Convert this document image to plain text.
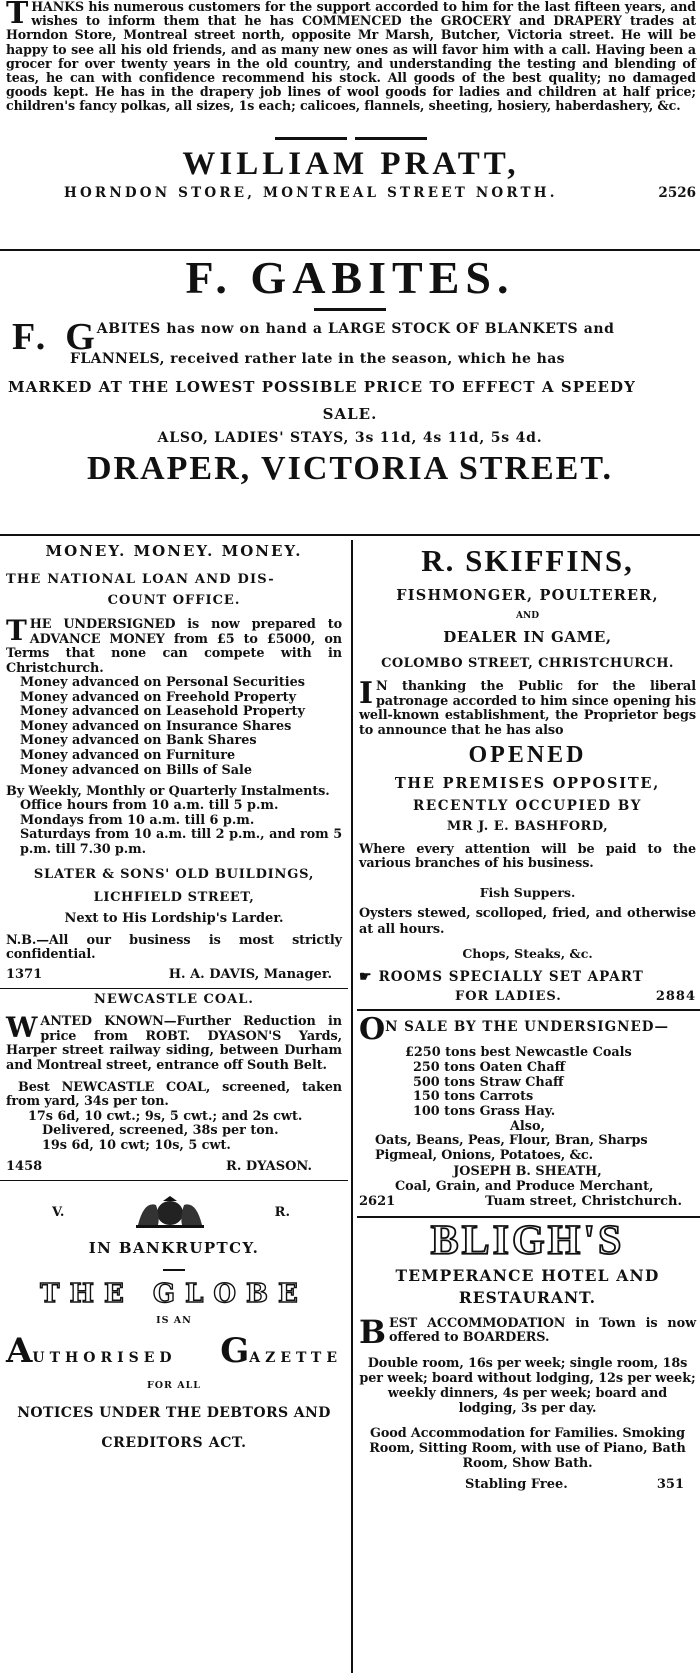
THANKS his numerous customers for the support accorded to him for the last fifteen years, and wishes to inform them that he has COMMENCED the GROCERY and DRAPERY trades at Horndon Store, Montreal street north, opposite Mr Marsh, Butcher, Victoria street. He will be happy to see all his old friends, and as many new ones as will favor him with a call. Having been a grocer for over twenty years in the old country, and understanding the testing and blending of teas, he can with confidence recommend his stock. All goods of the best quality; no damaged goods kept. He has in the drapery job lines of wool goods for ladies and children at half price; children's fancy polkas, all sizes, 1s each; calicoes, flannels, sheeting, hosiery, haberdashery, &c.

WILLIAM PRATT,
HORNDON STORE, MONTREAL STREET NORTH.	2526
F. GABITES.
F. G ABITES has now on hand a LARGE STOCK OF BLANKETS and
FLANNELS, received rather late in the season, which he has
MARKED AT THE LOWEST POSSIBLE PRICE TO EFFECT A SPEEDY
SALE.
ALSO, LADIES' STAYS, 3s 11d, 4s 11d, 5s 4d.
DRAPER, VICTORIA STREET.
MONEY. MONEY. MONEY.
THE NATIONAL LOAN AND DIS-
COUNT OFFICE.

THE UNDERSIGNED is now prepared to ADVANCE MONEY from £5 to £5000, on Terms that none can compete with in Christchurch.

Money advanced on Personal Securities
Money advanced on Freehold Property
Money advanced on Leasehold Property
Money advanced on Insurance Shares
Money advanced on Bank Shares
Money advanced on Furniture
Money advanced on Bills of Sale

By Weekly, Monthly or Quarterly Instalments.

Office hours from 10 a.m. till 5 p.m.
Mondays from 10 a.m. till 6 p.m.

Saturdays from 10 a.m. till 2 p.m., and rom 5 p.m. till 7.30 p.m.

SLATER & SONS' OLD BUILDINGS,
LICHFIELD STREET,
Next to His Lordship's Larder.

N.B.—All our business is most strictly confidential.

1371	H. A. DAVIS, Manager.
NEWCASTLE COAL.

WANTED KNOWN—Further Reduction in price from ROBT. DYASON'S Yards, Harper street railway siding, between Durham and Montreal street, entrance off South Belt.

Best NEWCASTLE COAL, screened, taken from yard, 34s per ton.

17s 6d, 10 cwt.; 9s, 5 cwt.; and 2s cwt.
Delivered, screened, 38s per ton.
19s 6d, 10 cwt; 10s, 5 cwt.
1458	R. DYASON.
V.	R.
IN BANKRUPTCY.
THE GLOBE
IS AN
AUTHORISED GAZETTE
FOR ALL
NOTICES UNDER THE DEBTORS AND
CREDITORS ACT.
R. SKIFFINS,
FISHMONGER, POULTERER,
AND
DEALER IN GAME,
COLOMBO STREET, CHRISTCHURCH.

I N thanking the Public for the liberal patronage accorded to him since opening his well-known establishment, the Proprietor begs to announce that he has also

OPENED
THE PREMISES OPPOSITE,
RECENTLY OCCUPIED BY
MR J. E. BASHFORD,

Where every attention will be paid to the various branches of his business.

Fish Suppers.

Oysters stewed, scolloped, fried, and otherwise at all hours.

Chops, Steaks, &c.
☛ ROOMS SPECIALLY SET APART
FOR LADIES.	2884
O N SALE BY THE UNDERSIGNED—
£250 tons best Newcastle Coals
250 tons Oaten Chaff
500 tons Straw Chaff
150 tons Carrots
100 tons Grass Hay.
Also,

Oats, Beans, Peas, Flour, Bran, Sharps Pigmeal, Onions, Potatoes, &c.

JOSEPH B. SHEATH,
Coal, Grain, and Produce Merchant,
2621	Tuam street, Christchurch.
BLIGH'S
TEMPERANCE HOTEL AND
RESTAURANT.

BEST ACCOMMODATION in Town is now offered to BOARDERS.

Double room, 16s per week; single room, 18s per week; board without lodging, 12s per week; weekly dinners, 4s per week; board and lodging, 3s per day.

Good Accommodation for Families. Smoking Room, Sitting Room, with use of Piano, Bath Room, Show Bath.

Stabling Free.	351
